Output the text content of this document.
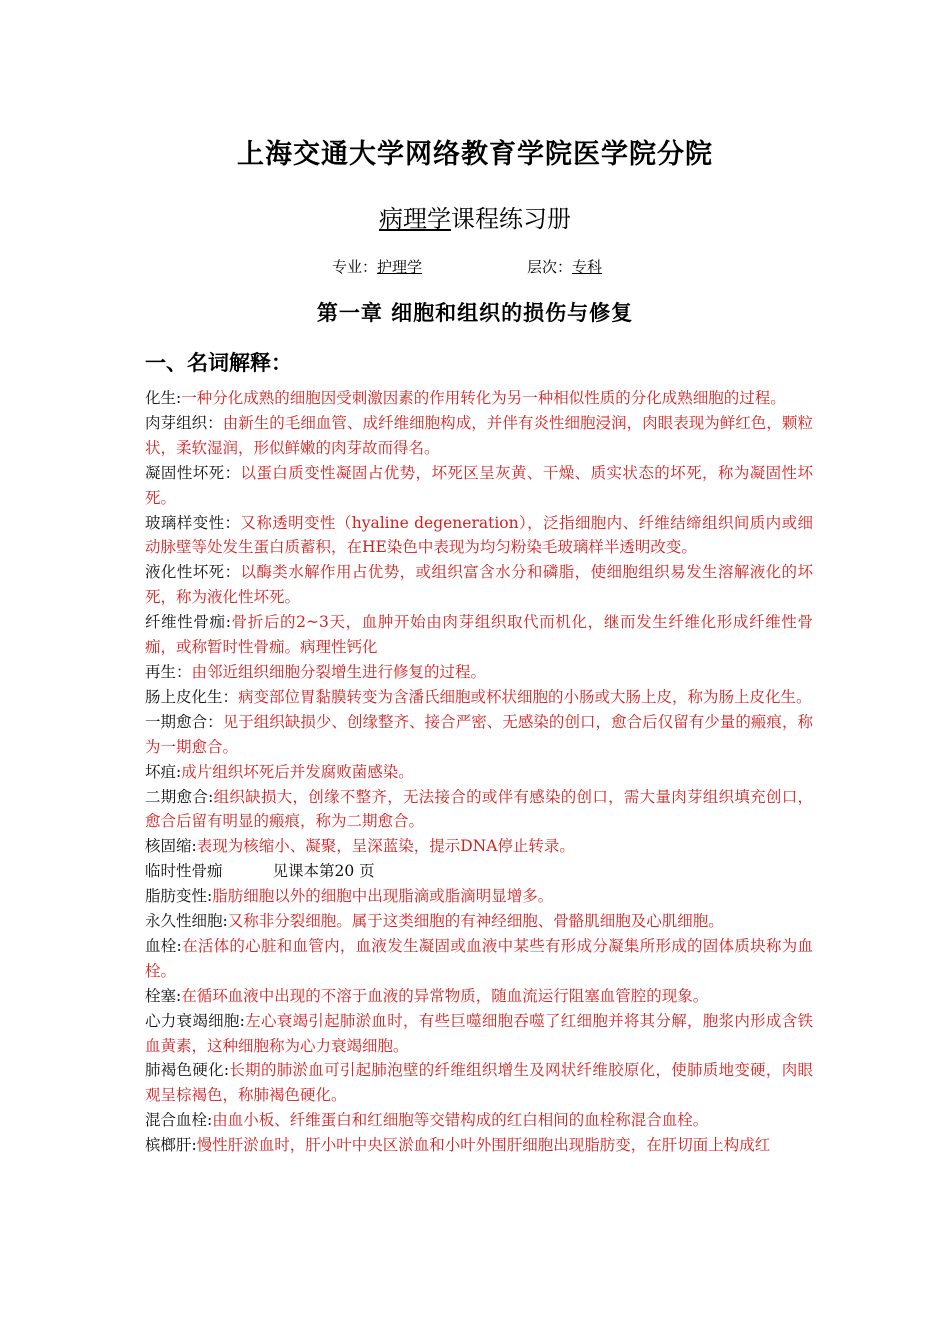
上海交通大学网络教育学院医学院分院
病理学课程练习册
专业：护理学	层次：专科
第一章 细胞和组织的损伤与修复
一、名词解释：

化生:一种分化成熟的细胞因受刺激因素的作用转化为另一种相似性质的分化成熟细胞的过程。

肉芽组织：由新生的毛细血管、成纤维细胞构成，并伴有炎性细胞浸润，肉眼表现为鲜红色，颗粒状，柔软湿润，形似鲜嫩的肉芽故而得名。

凝固性坏死：以蛋白质变性凝固占优势，坏死区呈灰黄、干燥、质实状态的坏死，称为凝固性坏死。

玻璃样变性：又称透明变性（hyaline degeneration），泛指细胞内、纤维结缔组织间质内或细动脉壁等处发生蛋白质蓄积，在HE染色中表现为均匀粉染毛玻璃样半透明改变。

液化性坏死：以酶类水解作用占优势，或组织富含水分和磷脂，使细胞组织易发生溶解液化的坏死，称为液化性坏死。

纤维性骨痂:骨折后的2~3天，血肿开始由肉芽组织取代而机化，继而发生纤维化形成纤维性骨痂，或称暂时性骨痂。病理性钙化

再生：由邻近组织细胞分裂增生进行修复的过程。

肠上皮化生：病变部位胃黏膜转变为含潘氏细胞或杯状细胞的小肠或大肠上皮，称为肠上皮化生。

一期愈合：见于组织缺损少、创缘整齐、接合严密、无感染的创口，愈合后仅留有少量的瘢痕，称为一期愈合。

坏疽:成片组织坏死后并发腐败菌感染。

二期愈合:组织缺损大，创缘不整齐，无法接合的或伴有感染的创口，需大量肉芽组织填充创口，愈合后留有明显的瘢痕，称为二期愈合。

核固缩:表现为核缩小、凝聚，呈深蓝染，提示DNA停止转录。

临时性骨痂	见课本第20 页

脂肪变性:脂肪细胞以外的细胞中出现脂滴或脂滴明显增多。

永久性细胞:又称非分裂细胞。属于这类细胞的有神经细胞、骨骼肌细胞及心肌细胞。

血栓:在活体的心脏和血管内，血液发生凝固或血液中某些有形成分凝集所形成的固体质块称为血栓。

栓塞:在循环血液中出现的不溶于血液的异常物质，随血流运行阻塞血管腔的现象。

心力衰竭细胞:左心衰竭引起肺淤血时，有些巨噬细胞吞噬了红细胞并将其分解，胞浆内形成含铁血黄素，这种细胞称为心力衰竭细胞。

肺褐色硬化:长期的肺淤血可引起肺泡壁的纤维组织增生及网状纤维胶原化，使肺质地变硬，肉眼观呈棕褐色，称肺褐色硬化。

混合血栓:由血小板、纤维蛋白和红细胞等交错构成的红白相间的血栓称混合血栓。

槟榔肝:慢性肝淤血时，肝小叶中央区淤血和小叶外围肝细胞出现脂肪变，在肝切面上构成红
